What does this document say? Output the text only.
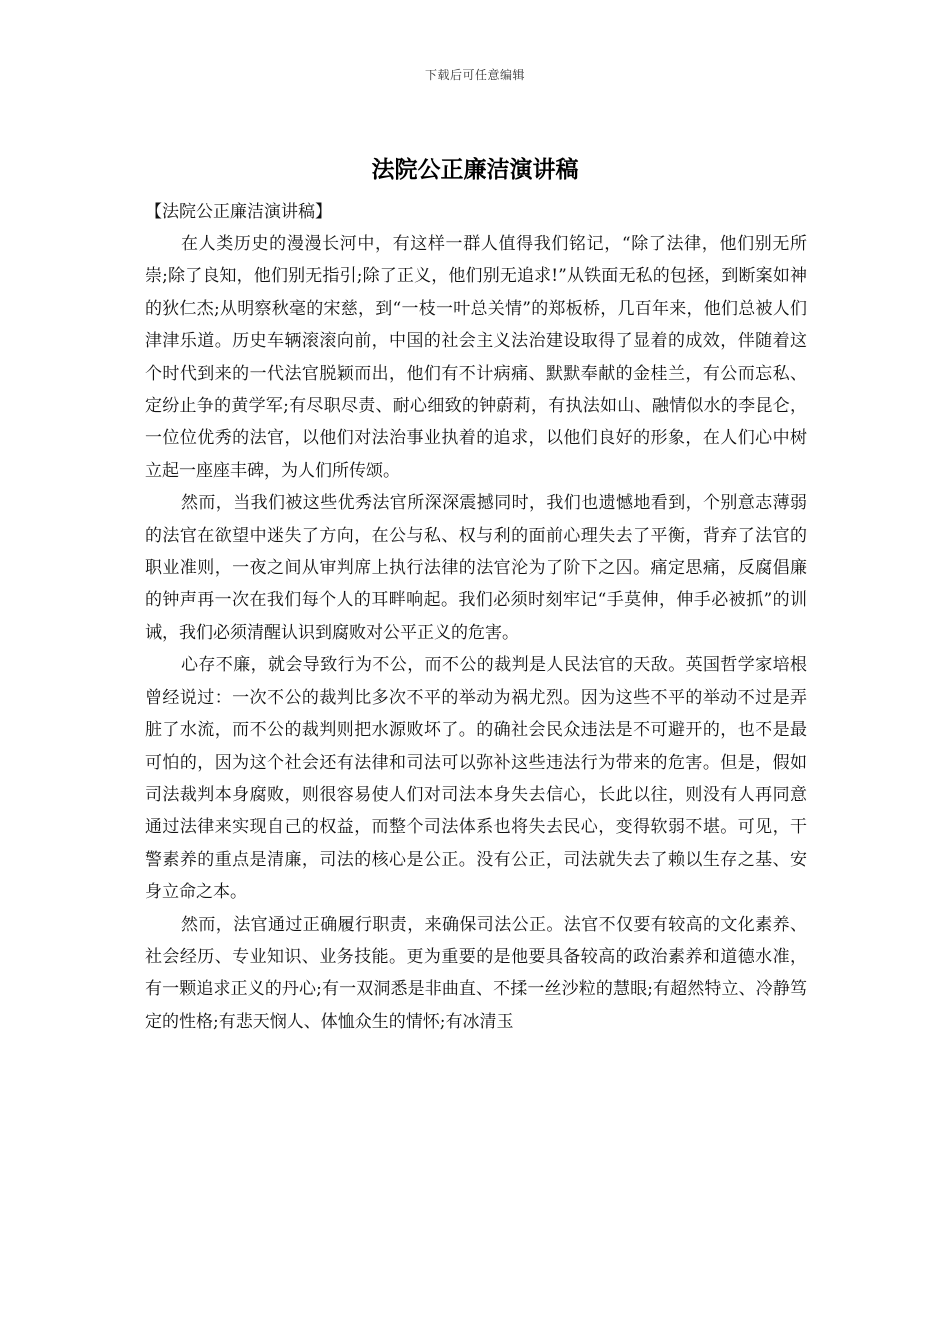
下载后可任意编辑
法院公正廉洁演讲稿

【法院公正廉洁演讲稿】

在人类历史的漫漫长河中，有这样一群人值得我们铭记，“除了法律，他们别无所崇;除了良知，他们别无指引;除了正义，他们别无追求!”从铁面无私的包拯，到断案如神的狄仁杰;从明察秋毫的宋慈，到“一枝一叶总关情”的郑板桥，几百年来，他们总被人们津津乐道。历史车辆滚滚向前，中国的社会主义法治建设取得了显着的成效，伴随着这个时代到来的一代法官脱颖而出，他们有不计病痛、默默奉献的金桂兰，有公而忘私、定纷止争的黄学军;有尽职尽责、耐心细致的钟蔚莉，有执法如山、融情似水的李昆仑，一位位优秀的法官，以他们对法治事业执着的追求，以他们良好的形象，在人们心中树立起一座座丰碑，为人们所传颂。

然而，当我们被这些优秀法官所深深震撼同时，我们也遗憾地看到，个别意志薄弱的法官在欲望中迷失了方向，在公与私、权与利的面前心理失去了平衡，背弃了法官的职业准则，一夜之间从审判席上执行法律的法官沦为了阶下之囚。痛定思痛，反腐倡廉的钟声再一次在我们每个人的耳畔响起。我们必须时刻牢记“手莫伸，伸手必被抓”的训诫，我们必须清醒认识到腐败对公平正义的危害。

心存不廉，就会导致行为不公，而不公的裁判是人民法官的天敌。英国哲学家培根曾经说过：一次不公的裁判比多次不平的举动为祸尤烈。因为这些不平的举动不过是弄脏了水流，而不公的裁判则把水源败坏了。的确社会民众违法是不可避开的，也不是最可怕的，因为这个社会还有法律和司法可以弥补这些违法行为带来的危害。但是，假如司法裁判本身腐败，则很容易使人们对司法本身失去信心，长此以往，则没有人再同意通过法律来实现自己的权益，而整个司法体系也将失去民心，变得软弱不堪。可见，干警素养的重点是清廉，司法的核心是公正。没有公正，司法就失去了赖以生存之基、安身立命之本。

然而，法官通过正确履行职责，来确保司法公正。法官不仅要有较高的文化素养、社会经历、专业知识、业务技能。更为重要的是他要具备较高的政治素养和道德水准，有一颗追求正义的丹心;有一双洞悉是非曲直、不揉一丝沙粒的慧眼;有超然特立、冷静笃定的性格;有悲天悯人、体恤众生的情怀;有冰清玉
